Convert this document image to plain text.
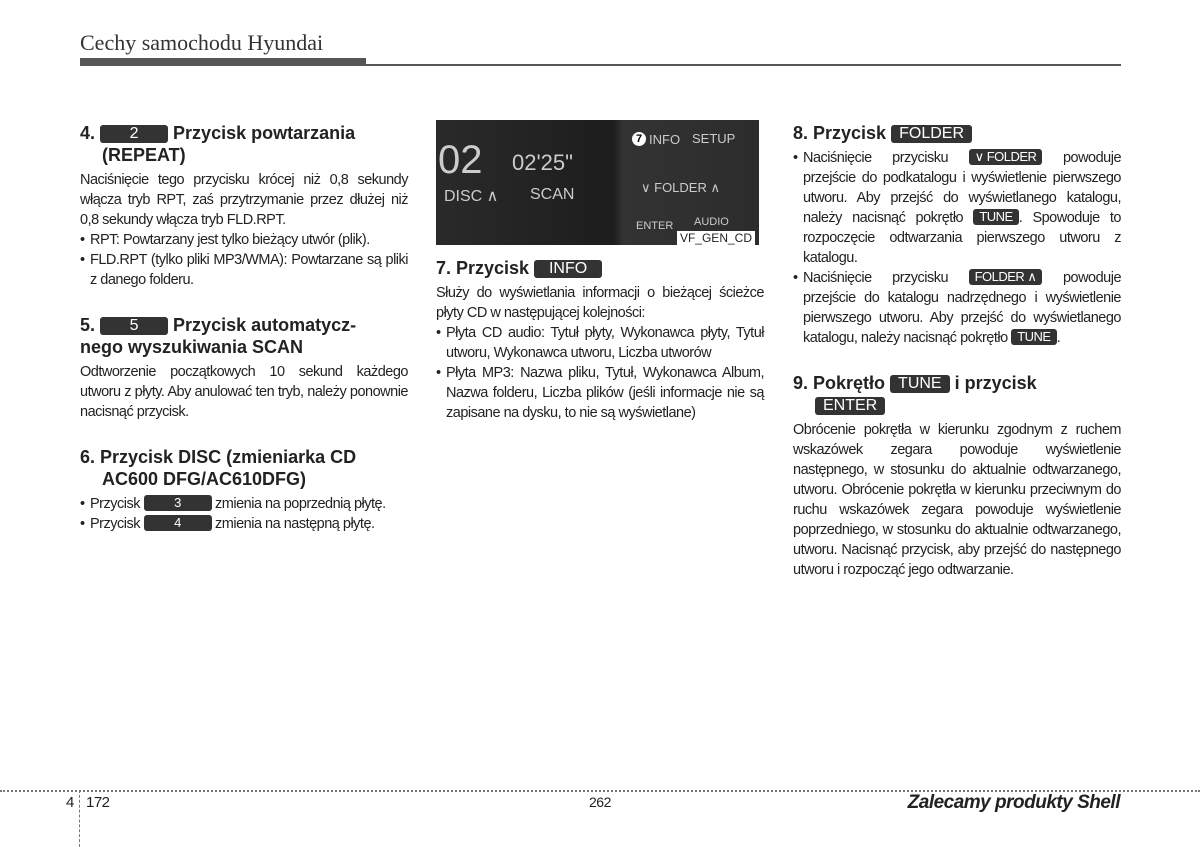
Cechy samochodu Hyundai
4. 2 Przycisk powtarzania
(REPEAT)

Naciśnięcie tego przycisku krócej niż 0,8 sekundy włącza tryb RPT, zaś przytrzymanie przez dłużej niż 0,8 sekundy włącza tryb FLD.RPT.

• RPT: Powtarzany jest tylko bieżący utwór (plik).
• FLD.RPT (tylko pliki MP3/WMA): Powtarzane są pliki z danego folderu.
5. 5 Przycisk automatycz-
nego wyszukiwania SCAN

Odtworzenie początkowych 10 sekund każdego utworu z płyty. Aby anulować ten tryb, należy ponownie nacisnąć przycisk.

6. Przycisk DISC (zmieniarka CD
AC600 DFG/AC610DFG)
• Przycisk	3 zmienia na poprzednią płytę.
• Przycisk	4 zmienia na następną płytę.
02 02'25"
DISC ∧ SCAN
7 INFO SETUP
∨ FOLDER ∧
ENTER AUDIO
VF_GEN_CD
7. Przycisk INFO

Służy do wyświetlania informacji o bieżącej ścieżce płyty CD w następującej kolejności:

• Płyta CD audio: Tytuł płyty, Wykonawca płyty, Tytuł utworu, Wykonawca utworu, Liczba utworów
• Płyta MP3: Nazwa pliku, Tytuł, Wykonawca Album, Nazwa folderu, Liczba plików (jeśli informacje nie są zapisane na dysku, to nie są wyświetlane)
8. Przycisk FOLDER
• Naciśnięcie przycisku ∨ FOLDER powoduje przejście do podkatalogu i wyświetlenie pierwszego utworu. Aby przejść do wyświetlanego katalogu, należy nacisnąć pokrętło TUNE . Spowoduje to rozpoczęcie odtwarzania pierwszego utworu z katalogu.
• Naciśnięcie przycisku FOLDER ∧ powoduje przejście do katalogu nadrzędnego i wyświetlenie pierwszego utworu. Aby przejść do wyświetlanego katalogu, należy nacisnąć pokrętło TUNE .
9. Pokrętło TUNE i przycisk
ENTER

Obrócenie pokrętła w kierunku zgodnym z ruchem wskazówek zegara powoduje wyświetlenie następnego, w stosunku do aktualnie odtwarzanego, utworu. Obrócenie pokrętła w kierunku przeciwnym do ruchu wskazówek zegara powoduje wyświetlenie poprzedniego, w stosunku do aktualnie odtwarzanego, utworu. Nacisnąć przycisk, aby przejść do następnego utworu i rozpocząć jego odtwarzanie.

4 172	262	Zalecamy produkty Shell
